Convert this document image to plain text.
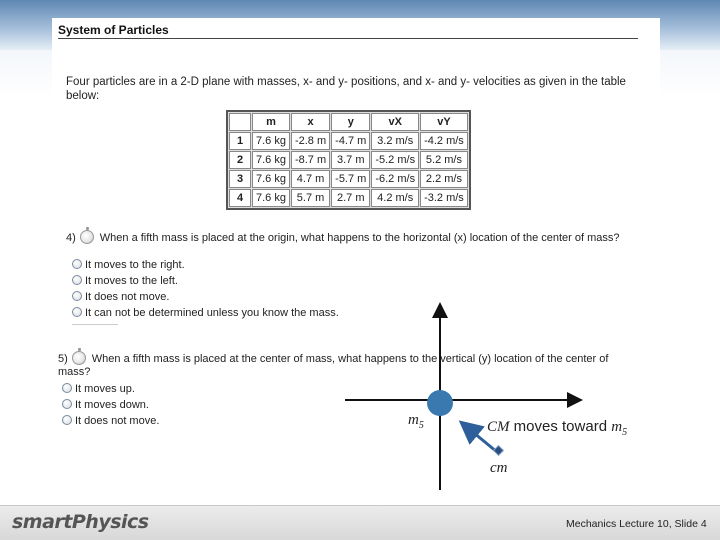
System of Particles
Four particles are in a 2-D plane with masses, x- and y- positions, and x- and y- velocities as given in the table below:
	m	x	y	vX	vY
1	7.6 kg	-2.8 m	-4.7 m	3.2 m/s	-4.2 m/s
2	7.6 kg	-8.7 m	3.7 m	-5.2 m/s	5.2 m/s
3	7.6 kg	4.7 m	-5.7 m	-6.2 m/s	2.2 m/s
4	7.6 kg	5.7 m	2.7 m	4.2 m/s	-3.2 m/s
4) When a fifth mass is placed at the origin, what happens to the horizontal (x) location of the center of mass?
It moves to the right.
It moves to the left.
It does not move.
It can not be determined unless you know the mass.
5) When a fifth mass is placed at the center of mass, what happens to the vertical (y) location of the center of mass?
It moves up.
It moves down.
It does not move.	$m_5$	CM moves toward $m_5$
cm
smartPhysics	Mechanics Lecture 10, Slide 4
